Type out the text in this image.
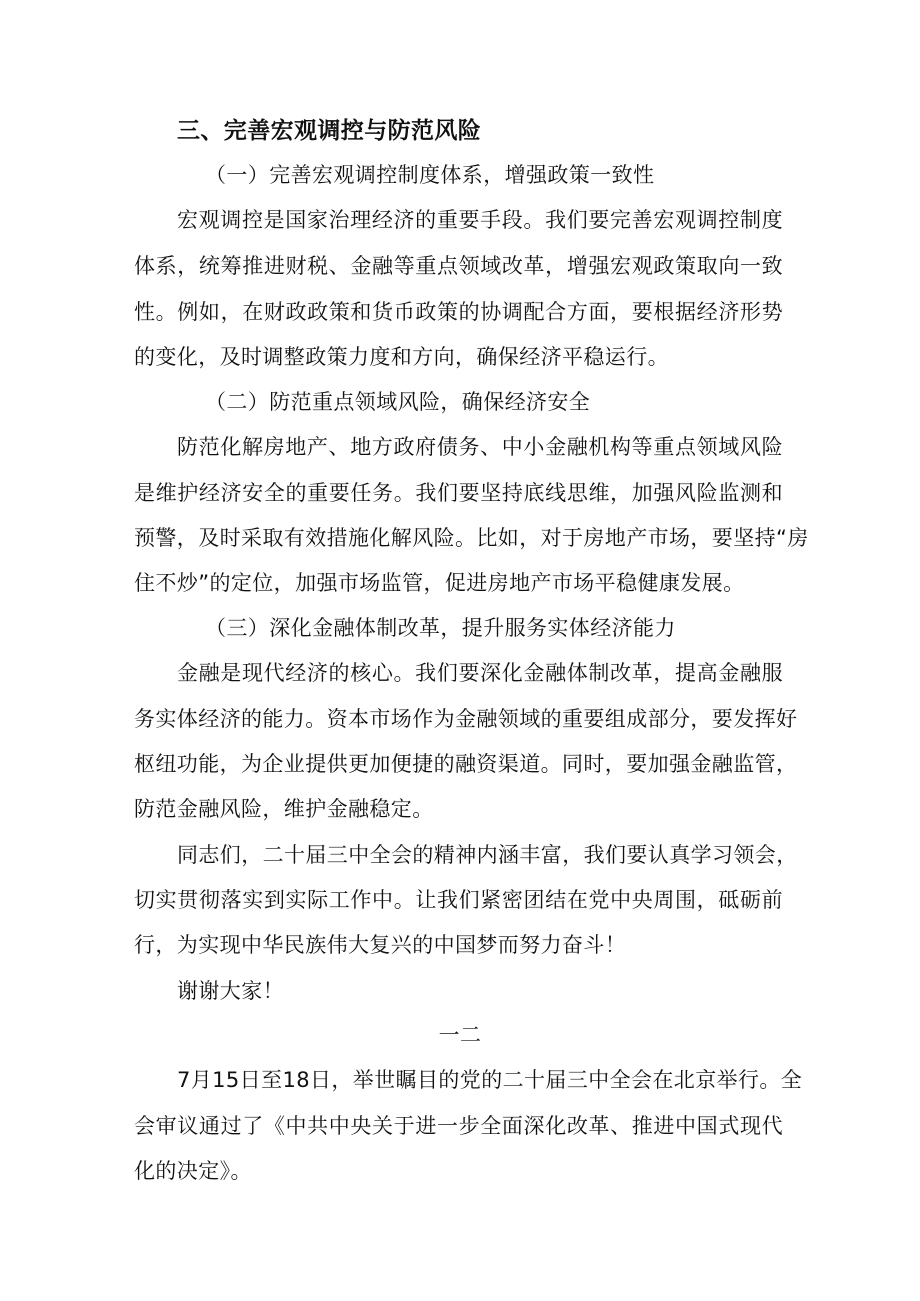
三、完善宏观调控与防范风险

（一）完善宏观调控制度体系，增强政策一致性

宏观调控是国家治理经济的重要手段。我们要完善宏观调控制度

体系，统筹推进财税、金融等重点领域改革，增强宏观政策取向一致

性。例如，在财政政策和货币政策的协调配合方面，要根据经济形势

的变化，及时调整政策力度和方向，确保经济平稳运行。

（二）防范重点领域风险，确保经济安全

防范化解房地产、地方政府债务、中小金融机构等重点领域风险

是维护经济安全的重要任务。我们要坚持底线思维，加强风险监测和

预警，及时采取有效措施化解风险。比如，对于房地产市场，要坚持“房

住不炒”的定位，加强市场监管，促进房地产市场平稳健康发展。

（三）深化金融体制改革，提升服务实体经济能力

金融是现代经济的核心。我们要深化金融体制改革，提高金融服

务实体经济的能力。资本市场作为金融领域的重要组成部分，要发挥好

枢纽功能，为企业提供更加便捷的融资渠道。同时，要加强金融监管，

防范金融风险，维护金融稳定。

同志们，二十届三中全会的精神内涵丰富，我们要认真学习领会，

切实贯彻落实到实际工作中。让我们紧密团结在党中央周围，砥砺前

行，为实现中华民族伟大复兴的中国梦而努力奋斗！

谢谢大家！

一二

7月15日至18日，举世瞩目的党的二十届三中全会在北京举行。全

会审议通过了《中共中央关于进一步全面深化改革、推进中国式现代

化的决定》。
